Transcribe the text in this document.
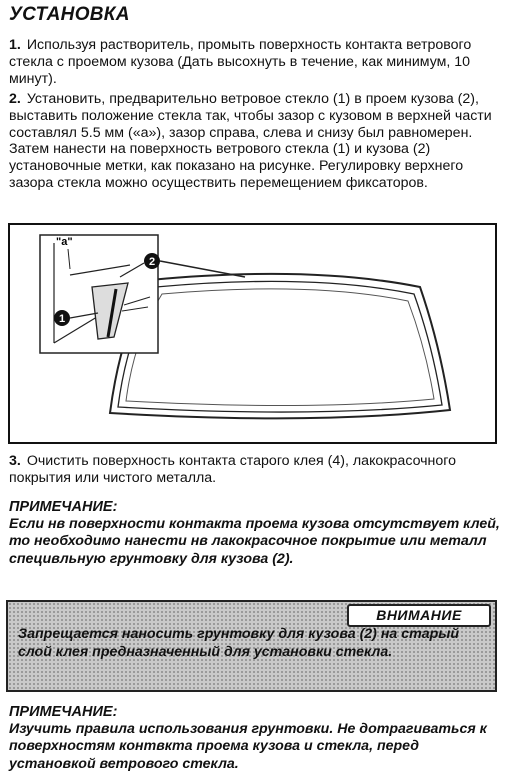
УСТАНОВКА

1. Используя растворитель, промыть поверхность контакта ветрового стекла с проемом кузова (Дать высохнуть в течение, как минимум, 10 минут).

2. Установить, предварительно ветровое стекло (1) в проем кузова (2), выставить положение стекла так, чтобы зазор с кузовом в верхней части составлял 5.5 мм («а»), зазор справа, слева и снизу был равномерен. Затем нанести на поверхность ветрового стекла (1) и кузова (2) установочные метки, как показано на рисунке. Регулировку верхнего зазора стекла можно осуществить перемещением фиксаторов.

"a"
1
2

3. Очистить поверхность контакта старого клея (4), лакокрасочного покрытия или чистого металла.

ПРИМЕЧАНИЕ:

Если нв поверхности контакта проема кузова отсутствует клей, то необходимо нанести нв лакокрасочное покрытие или металл специвльную грунтовку для кузова (2).

ВНИМАНИЕ

Запрещается наносить грунтовку для кузова (2) на старый слой клея предназначенный для установки стекла.

ПРИМЕЧАНИЕ:

Изучить правила использования грунтовки. Не дотрагиваться к поверхностям контвкта проема кузова и стекла, перед установкой ветрового стекла.
